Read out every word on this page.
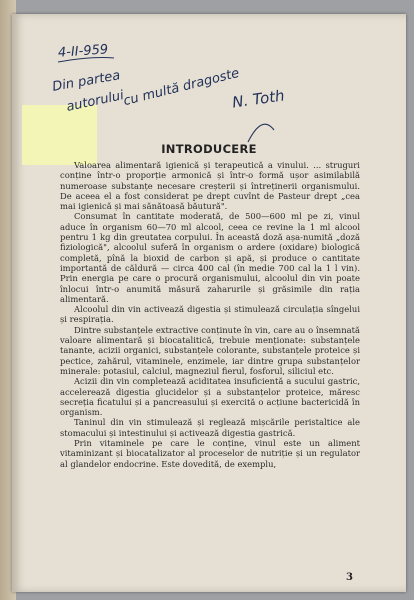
4-II-959
Din partea
autorului
cu multă dragoste
N. Toth
INTRODUCERE

Valoarea alimentară igienică și terapeutică a vinului. ... struguri conține într-o proporție armonică și într-o formă ușor asimilabilă numeroase substanțe necesare creșterii și întreținerii organismului. De aceea el a fost considerat pe drept cuvînt de Pasteur drept „cea mai igienică și mai sănătoasă băutură".

Consumat în cantitate moderată, de 500—600 ml pe zi, vinul aduce în organism 60—70 ml alcool, ceea ce revine la 1 ml alcool pentru 1 kg din greutatea corpului. În această doză așa-numită „doză fiziologică", alcoolul suferă în organism o ardere (oxidare) biologică completă, pînă la bioxid de carbon și apă, și produce o cantitate importantă de căldură — circa 400 cal (în medie 700 cal la 1 l vin). Prin energia pe care o procură organismului, alcoolul din vin poate înlocui într-o anumită măsură zaharurile și grăsimile din rația alimentară.

Alcoolul din vin activează digestia și stimulează circulația sîngelui și respirația.

Dintre substanțele extractive conținute în vin, care au o însemnată valoare alimentară și biocatalitică, trebuie menționate: substanțele tanante, acizii organici, substanțele colorante, substanțele proteice și pectice, zahărul, vitaminele, enzimele, iar dintre grupa substanțelor minerale: potasiul, calciul, magneziul fierul, fosforul, siliciul etc.

Acizii din vin completează aciditatea insuficientă a sucului gastric, accelerează digestia glucidelor și a substanțelor proteice, măresc secreția ficatului și a pancreasului și exercită o acțiune bactericidă în organism.

Taninul din vin stimulează și reglează mișcările peristaltice ale stomacului și intestinului și activează digestia gastrică.

Prin vitaminele pe care le conține, vinul este un aliment vitaminizant și biocatalizator al proceselor de nutriție și un regulator al glandelor endocrine. Este dovedită, de exemplu,

3
